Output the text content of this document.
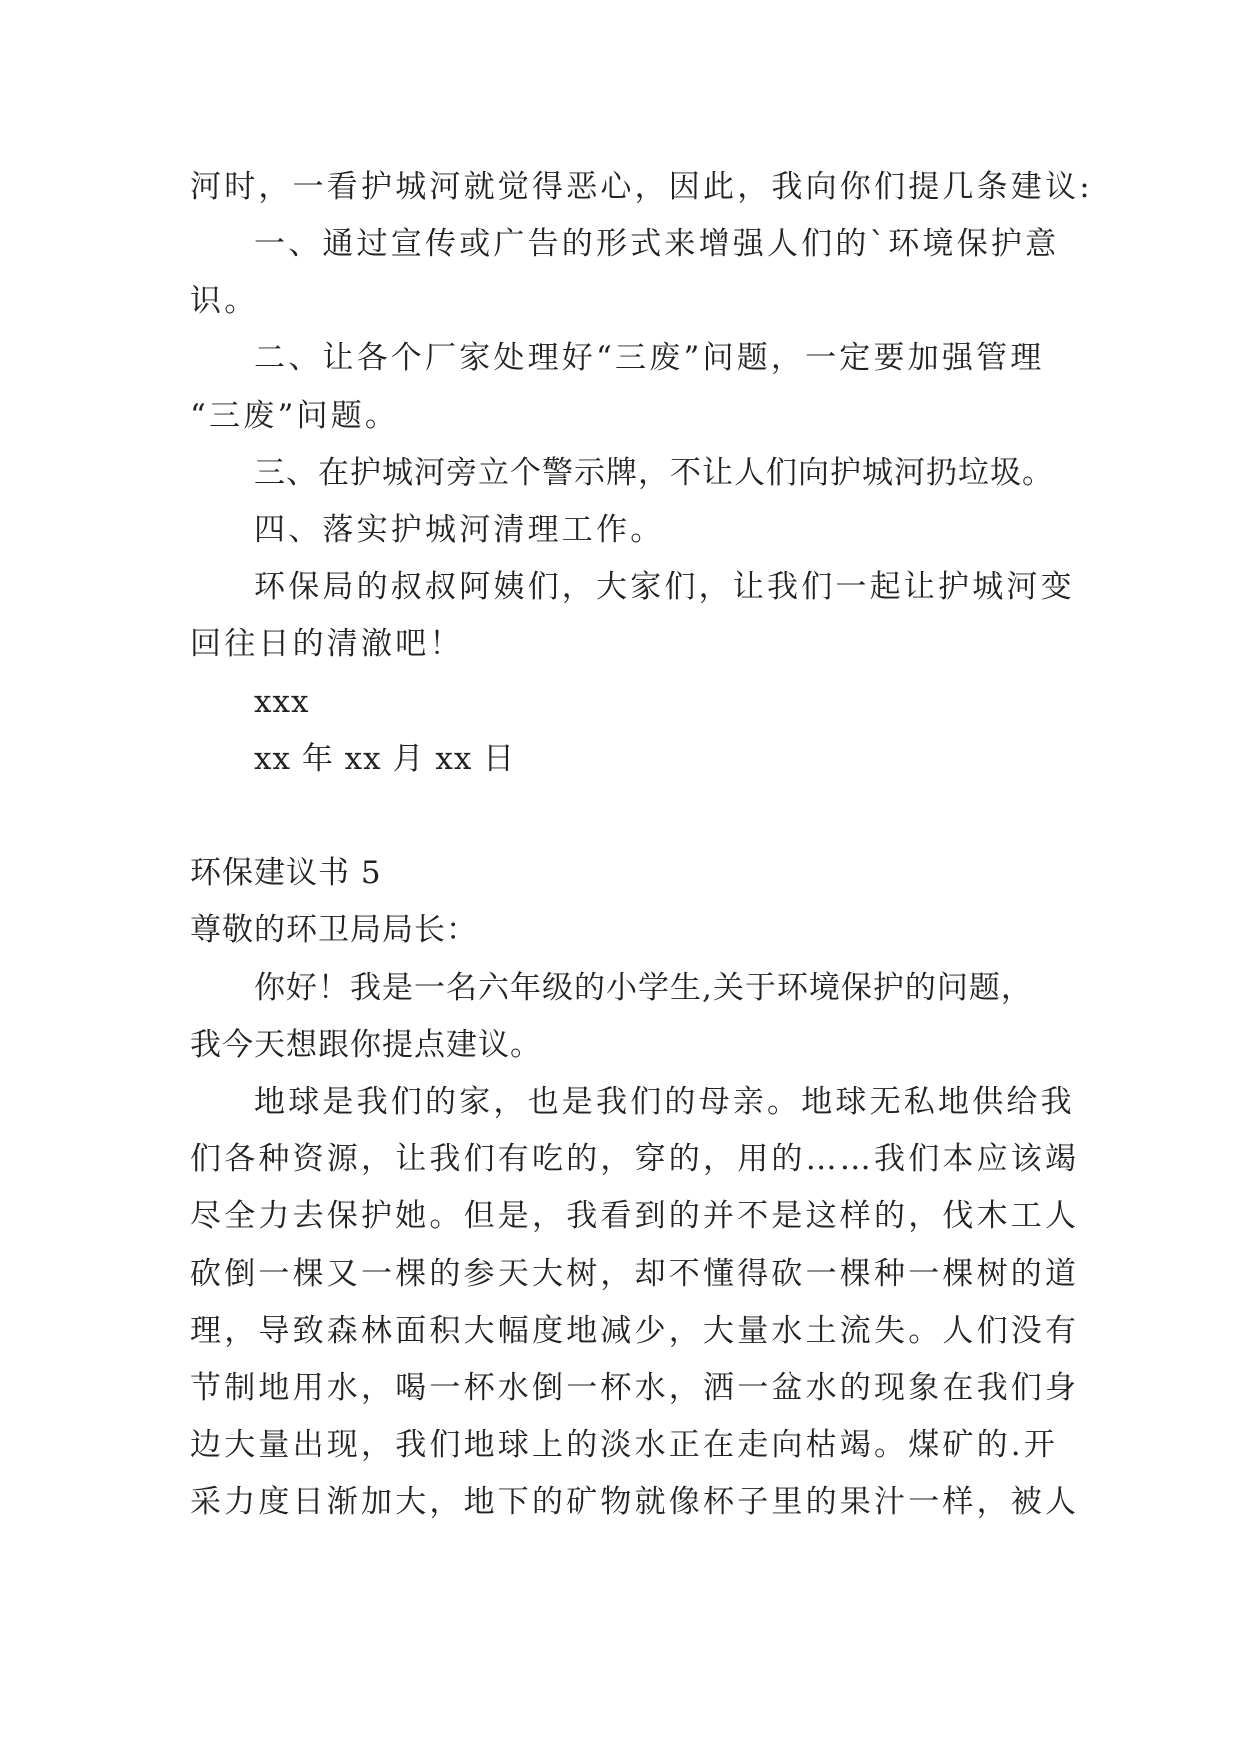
河时，一看护城河就觉得恶心，因此，我向你们提几条建议:
一、通过宣传或广告的形式来增强人们的`环境保护意
识。
二、让各个厂家处理好“三废”问题，一定要加强管理
“三废”问题。
三、在护城河旁立个警示牌，不让人们向护城河扔垃圾。
四、落实护城河清理工作。
环保局的叔叔阿姨们，大家们，让我们一起让护城河变
回往日的清澈吧！
xxx
xx 年 xx 月 xx 日
环保建议书 5
尊敬的环卫局局长：
你好！我是一名六年级的小学生,关于环境保护的问题，
我今天想跟你提点建议。
地球是我们的家，也是我们的母亲。地球无私地供给我
们各种资源，让我们有吃的，穿的，用的……我们本应该竭
尽全力去保护她。但是，我看到的并不是这样的，伐木工人
砍倒一棵又一棵的参天大树，却不懂得砍一棵种一棵树的道
理，导致森林面积大幅度地减少，大量水土流失。人们没有
节制地用水，喝一杯水倒一杯水，洒一盆水的现象在我们身
边大量出现，我们地球上的淡水正在走向枯竭。煤矿的.开
采力度日渐加大，地下的矿物就像杯子里的果汁一样，被人
